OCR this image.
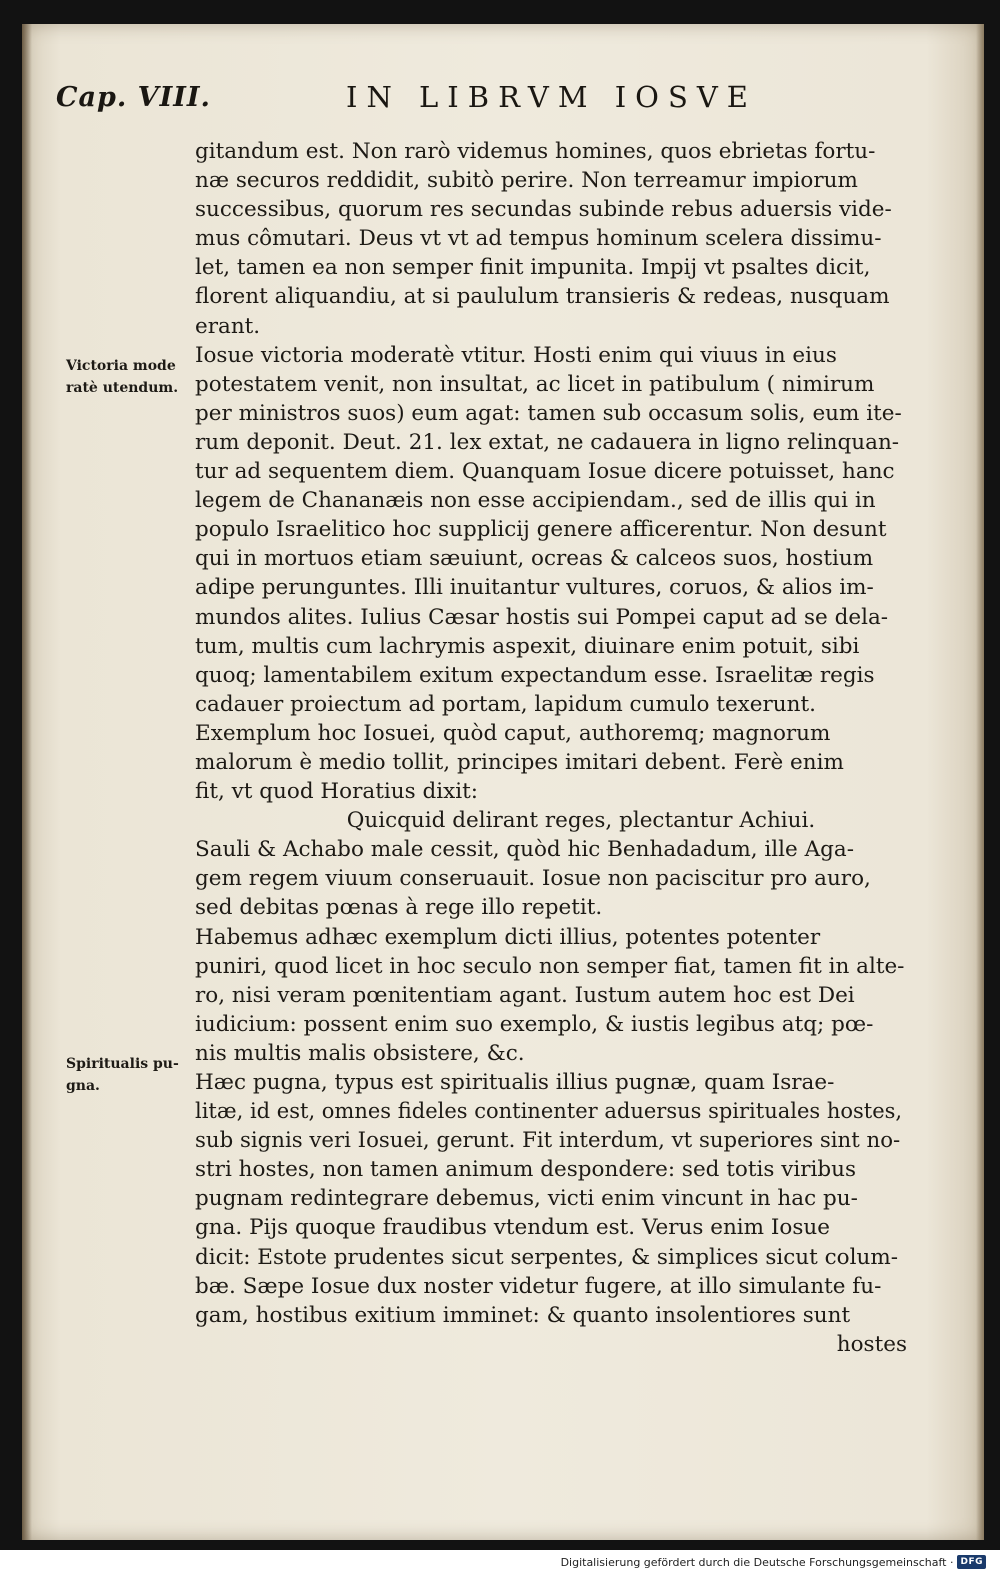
Cap. VIII.	IN LIBRVM IOSVE
Victoria mode
ratè utendum.
Spiritualis pu-
gna.
gitandum est. Non rarò videmus homines, quos ebrietas fortu-
næ securos reddidit, subitò perire. Non terreamur impiorum
successibus, quorum res secundas subinde rebus aduersis vide-
mus cômutari. Deus vt vt ad tempus hominum scelera dissimu-
let, tamen ea non semper finit impunita. Impij vt psaltes dicit,
florent aliquandiu, at si paululum transieris & redeas, nusquam
erant.
Iosue victoria moderatè vtitur. Hosti enim qui viuus in eius
potestatem venit, non insultat, ac licet in patibulum ( nimirum
per ministros suos) eum agat: tamen sub occasum solis, eum ite-
rum deponit. Deut. 21. lex extat, ne cadauera in ligno relinquan-
tur ad sequentem diem. Quanquam Iosue dicere potuisset, hanc
legem de Chananæis non esse accipiendam., sed de illis qui in
populo Israelitico hoc supplicij genere afficerentur. Non desunt
qui in mortuos etiam sæuiunt, ocreas & calceos suos, hostium
adipe perunguntes. Illi inuitantur vultures, coruos, & alios im-
mundos alites. Iulius Cæsar hostis sui Pompei caput ad se dela-
tum, multis cum lachrymis aspexit, diuinare enim potuit, sibi
quoq; lamentabilem exitum expectandum esse. Israelitæ regis
cadauer proiectum ad portam, lapidum cumulo texerunt.
Exemplum hoc Iosuei, quòd caput, authoremq; magnorum
malorum è medio tollit, principes imitari debent. Ferè enim
fit, vt quod Horatius dixit:
Quicquid delirant reges, plectantur Achiui.
Sauli & Achabo male cessit, quòd hic Benhadadum, ille Aga-
gem regem viuum conseruauit. Iosue non paciscitur pro auro,
sed debitas pœnas à rege illo repetit.
Habemus adhæc exemplum dicti illius, potentes potenter
puniri, quod licet in hoc seculo non semper fiat, tamen fit in alte-
ro, nisi veram pœnitentiam agant. Iustum autem hoc est Dei
iudicium: possent enim suo exemplo, & iustis legibus atq; pœ-
nis multis malis obsistere, &c.
Hæc pugna, typus est spiritualis illius pugnæ, quam Israe-
litæ, id est, omnes fideles continenter aduersus spirituales hostes,
sub signis veri Iosuei, gerunt. Fit interdum, vt superiores sint no-
stri hostes, non tamen animum despondere: sed totis viribus
pugnam redintegrare debemus, victi enim vincunt in hac pu-
gna. Pijs quoque fraudibus vtendum est. Verus enim Iosue
dicit: Estote prudentes sicut serpentes, & simplices sicut colum-
bæ. Sæpe Iosue dux noster videtur fugere, at illo simulante fu-
gam, hostibus exitium imminet: & quanto insolentiores sunt
hostes
Digitalisierung gefördert durch die Deutsche Forschungsgemeinschaft · DFG
